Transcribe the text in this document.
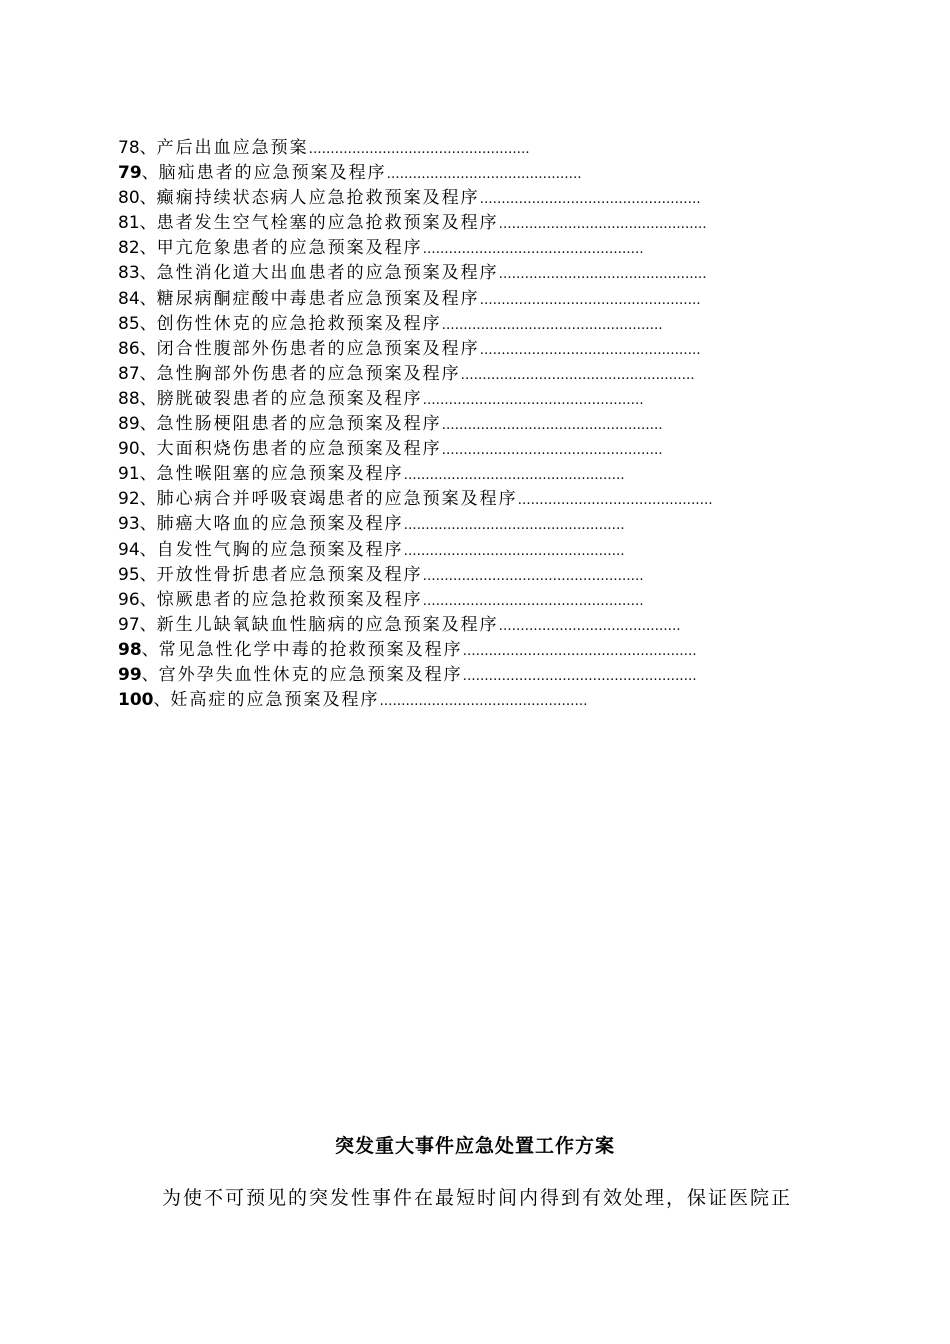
78、产后出血应急预案……………………………………………
79、脑疝患者的应急预案及程序………………………………………
80、癫痫持续状态病人应急抢救预案及程序……………………………………………
81、患者发生空气栓塞的应急抢救预案及程序…………………………………………
82、甲亢危象患者的应急预案及程序……………………………………………
83、急性消化道大出血患者的应急预案及程序…………………………………………
84、糖尿病酮症酸中毒患者应急预案及程序……………………………………………
85、创伤性休克的应急抢救预案及程序……………………………………………
86、闭合性腹部外伤患者的应急预案及程序……………………………………………
87、急性胸部外伤患者的应急预案及程序………………………………………………
88、膀胱破裂患者的应急预案及程序……………………………………………
89、急性肠梗阻患者的应急预案及程序……………………………………………
90、大面积烧伤患者的应急预案及程序……………………………………………
91、急性喉阻塞的应急预案及程序……………………………………………
92、肺心病合并呼吸衰竭患者的应急预案及程序………………………………………
93、肺癌大咯血的应急预案及程序……………………………………………
94、自发性气胸的应急预案及程序……………………………………………
95、开放性骨折患者应急预案及程序……………………………………………
96、惊厥患者的应急抢救预案及程序……………………………………………
97、新生儿缺氧缺血性脑病的应急预案及程序……………………………………
98、常见急性化学中毒的抢救预案及程序………………………………………………
99、宫外孕失血性休克的应急预案及程序………………………………………………
100、妊高症的应急预案及程序…………………………………………
突发重大事件应急处置工作方案
为使不可预见的突发性事件在最短时间内得到有效处理，保证医院正
